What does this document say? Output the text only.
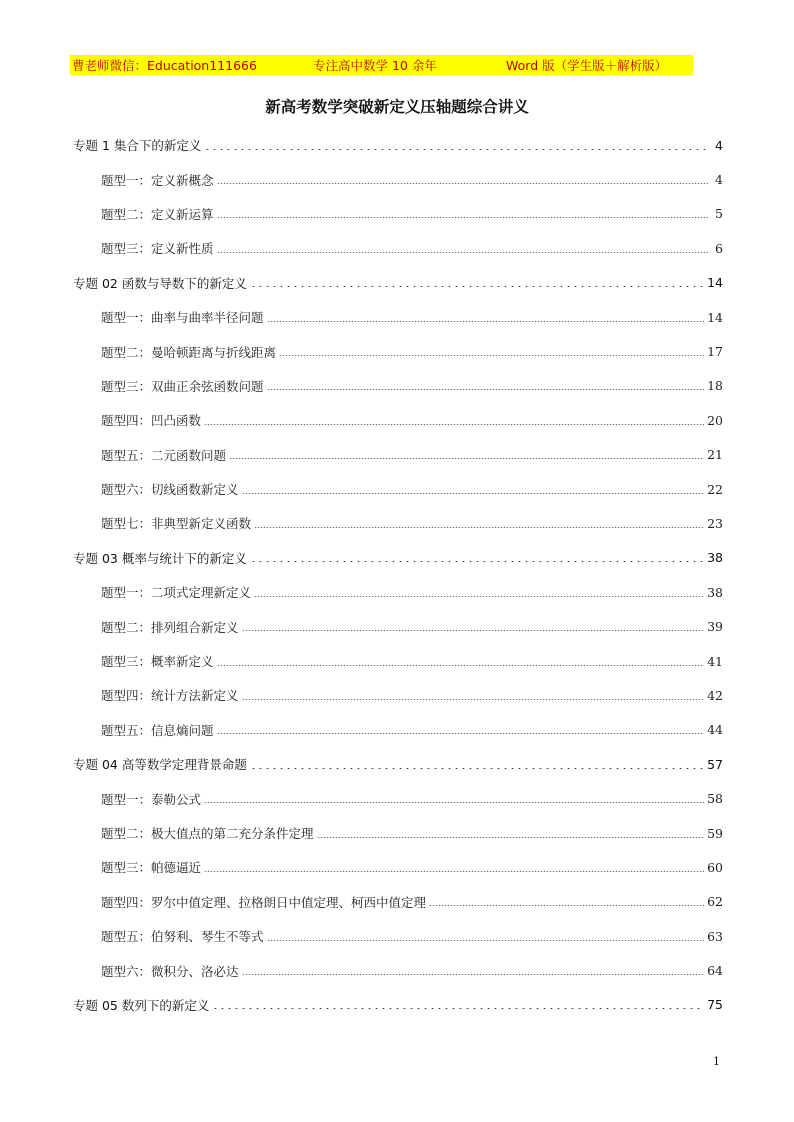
曹老师微信：Education111666	专注高中数学 10 余年	Word 版（学生版＋解析版）
新高考数学突破新定义压轴题综合讲义
专题 1 集合下的新定义	4
题型一：定义新概念	4
题型二：定义新运算	5
题型三：定义新性质	6
专题 02 函数与导数下的新定义	14
题型一：曲率与曲率半径问题	14
题型二：曼哈顿距离与折线距离	17
题型三：双曲正余弦函数问题	18
题型四：凹凸函数	20
题型五：二元函数问题	21
题型六：切线函数新定义	22
题型七：非典型新定义函数	23
专题 03 概率与统计下的新定义	38
题型一：二项式定理新定义	38
题型二：排列组合新定义	39
题型三：概率新定义	41
题型四：统计方法新定义	42
题型五：信息熵问题	44
专题 04 高等数学定理背景命题	57
题型一：泰勒公式	58
题型二：极大值点的第二充分条件定理	59
题型三：帕德逼近	60
题型四：罗尔中值定理、拉格朗日中值定理、柯西中值定理	62
题型五：伯努利、琴生不等式	63
题型六：微积分、洛必达	64
专题 05 数列下的新定义	75
1
